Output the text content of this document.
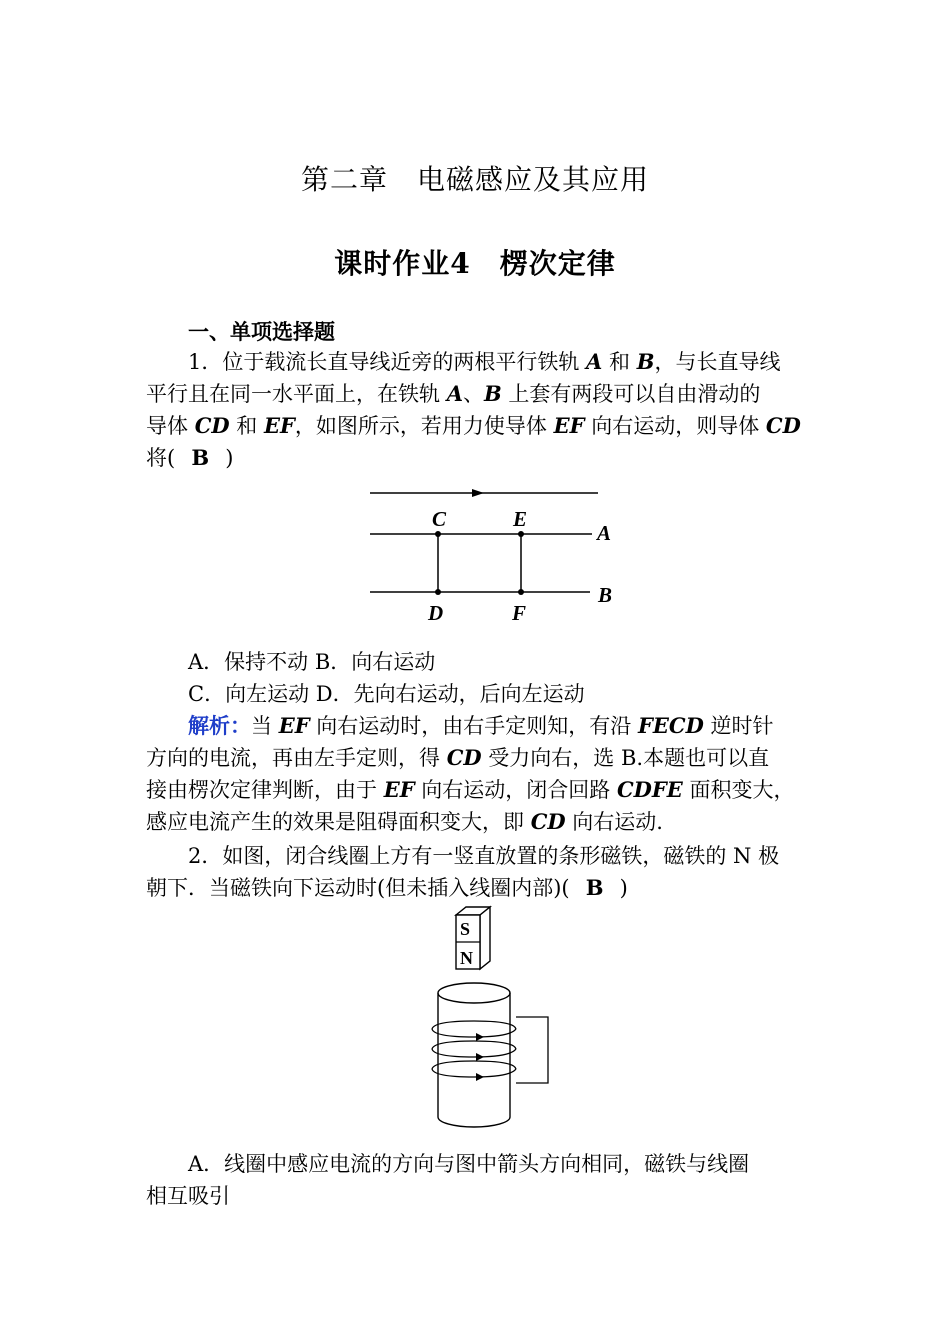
第二章　电磁感应及其应用
课时作业4　楞次定律
一、单项选择题
1．位于载流长直导线近旁的两根平行铁轨 A 和 B，与长直导线
平行且在同一水平面上，在铁轨 A、B 上套有两段可以自由滑动的
导体 CD 和 EF，如图所示，若用力使导体 EF 向右运动，则导体 CD
将( B )
C	E
A
D	F
B
A．保持不动 B．向右运动
C．向左运动 D．先向右运动，后向左运动
解析：当 EF 向右运动时，由右手定则知，有沿 FECD 逆时针
方向的电流，再由左手定则，得 CD 受力向右，选 B.本题也可以直
接由楞次定律判断，由于 EF 向右运动，闭合回路 CDFE 面积变大，
感应电流产生的效果是阻碍面积变大，即 CD 向右运动.
2．如图，闭合线圈上方有一竖直放置的条形磁铁，磁铁的 N 极
朝下．当磁铁向下运动时(但未插入线圈内部)( B )
S
N
A．线圈中感应电流的方向与图中箭头方向相同，磁铁与线圈
相互吸引
